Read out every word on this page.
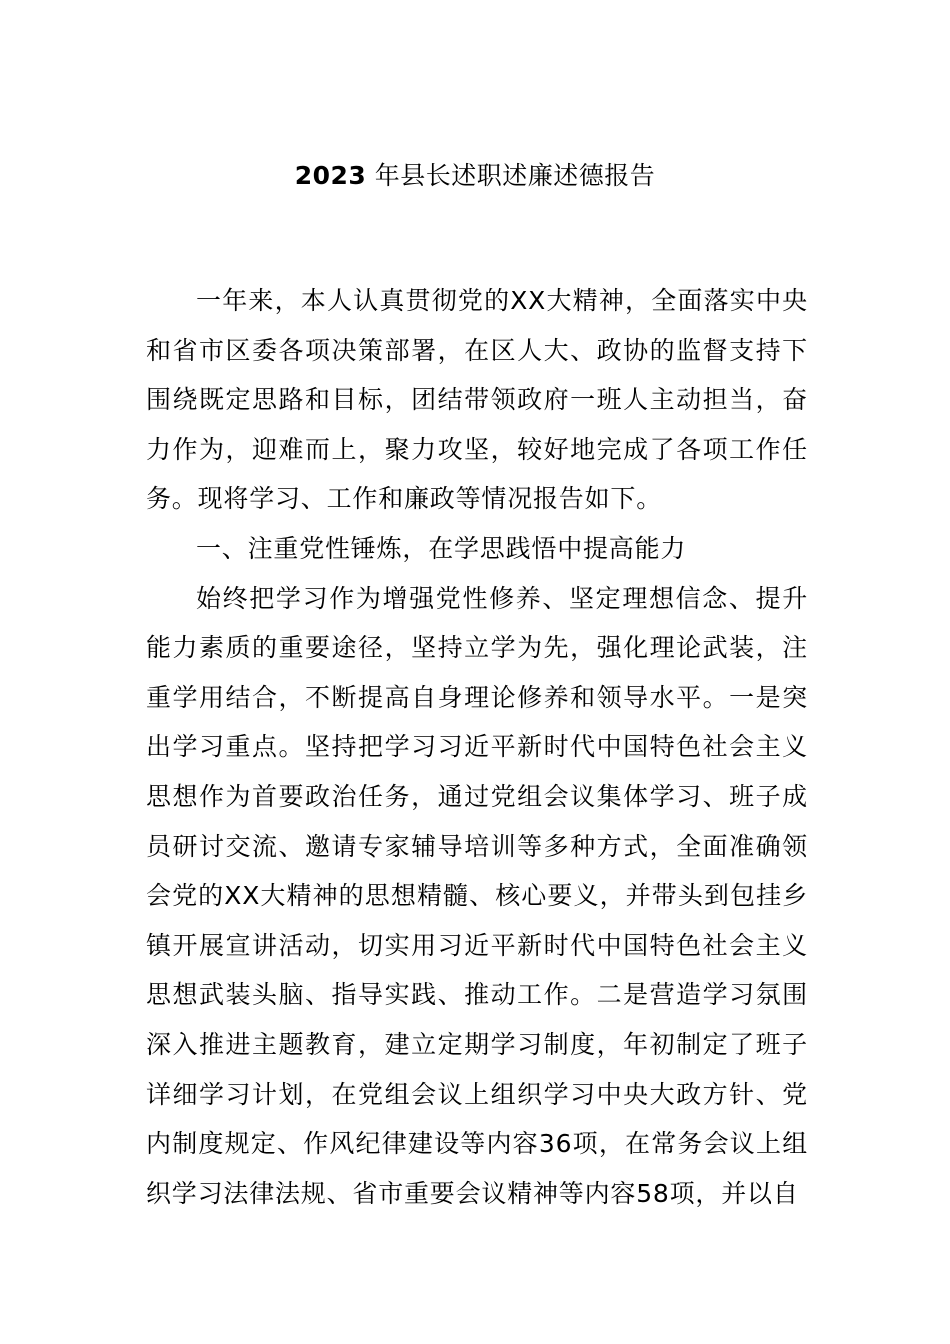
2023 年县长述职述廉述德报告

一年来，本人认真贯彻党的XX大精神，全面落实中央和省市区委各项决策部署，在区人大、政协的监督支持下围绕既定思路和目标，团结带领政府一班人主动担当，奋力作为，迎难而上，聚力攻坚，较好地完成了各项工作任务。现将学习、工作和廉政等情况报告如下。

一、注重党性锤炼，在学思践悟中提高能力

始终把学习作为增强党性修养、坚定理想信念、提升能力素质的重要途径，坚持立学为先，强化理论武装，注重学用结合，不断提高自身理论修养和领导水平。一是突出学习重点。坚持把学习习近平新时代中国特色社会主义思想作为首要政治任务，通过党组会议集体学习、班子成员研讨交流、邀请专家辅导培训等多种方式，全面准确领会党的XX大精神的思想精髓、核心要义，并带头到包挂乡镇开展宣讲活动，切实用习近平新时代中国特色社会主义思想武装头脑、指导实践、推动工作。二是营造学习氛围深入推进主题教育，建立定期学习制度，年初制定了班子详细学习计划，在党组会议上组织学习中央大政方针、党内制度规定、作风纪律建设等内容36项，在常务会议上组织学习法律法规、省市重要会议精神等内容58项，并以自
